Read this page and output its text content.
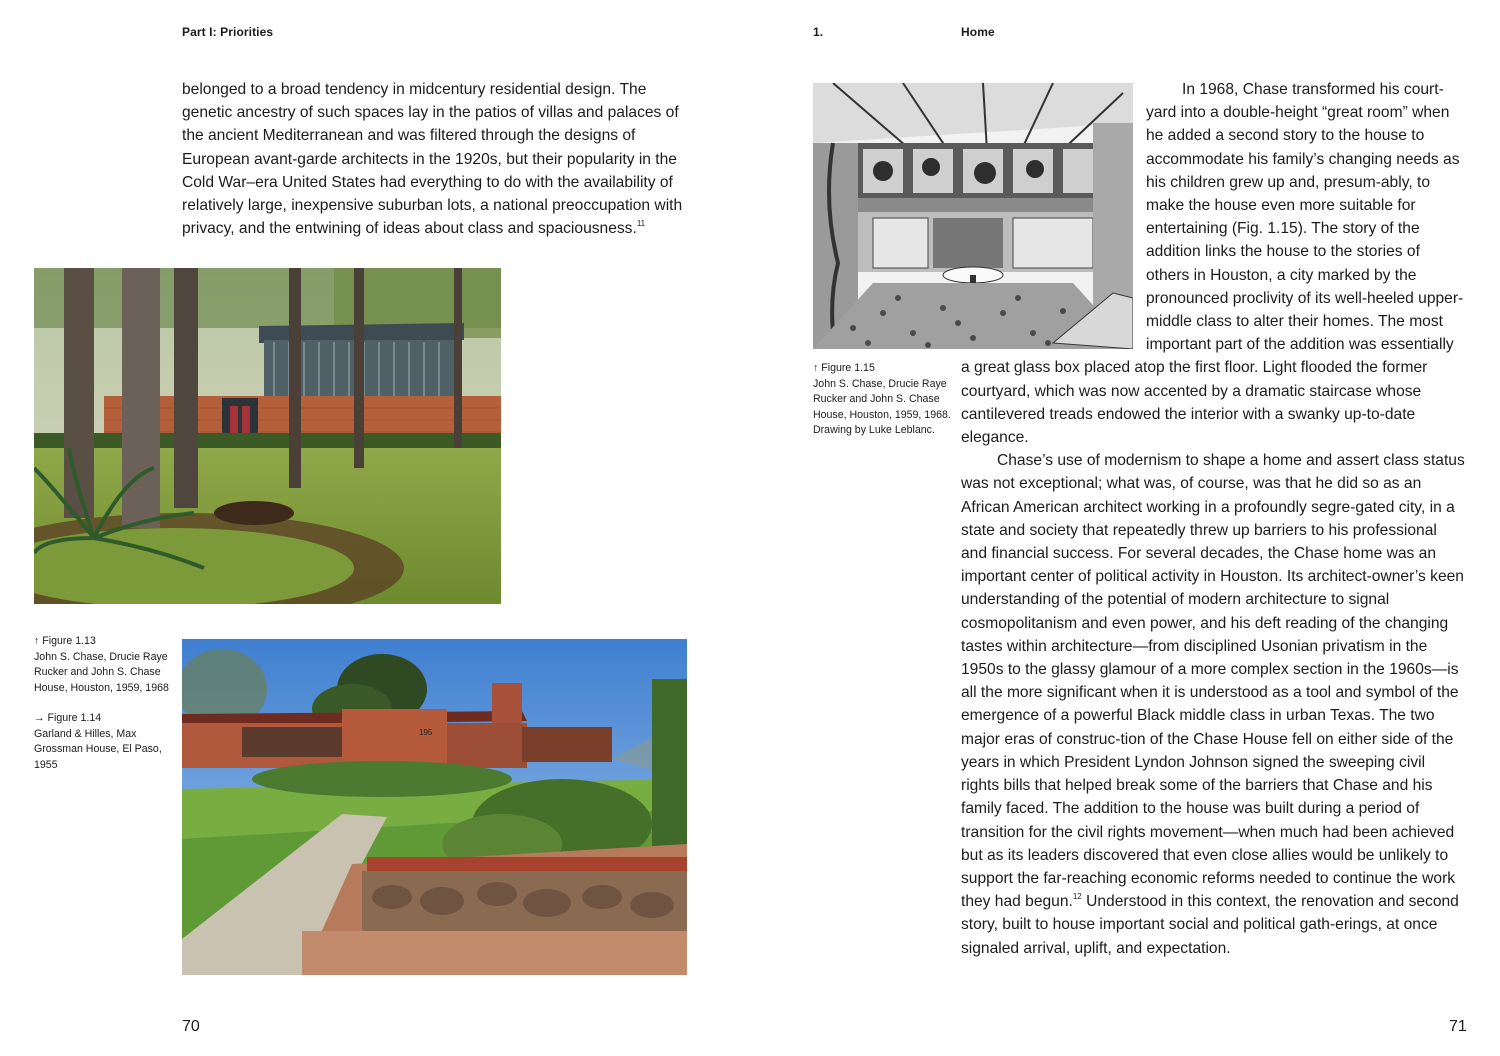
Part I: Priorities

belonged to a broad tendency in midcentury residential design. The genetic ancestry of such spaces lay in the patios of villas and palaces of the ancient Mediterranean and was filtered through the designs of European avant-garde architects in the 1920s, but their popularity in the Cold War–era United States had everything to do with the availability of relatively large, inexpensive suburban lots, a national preoccupation with privacy, and the entwining of ideas about class and spaciousness.$^{11}$

↑ Figure 1.13

John S. Chase, Drucie Raye Rucker and John S. Chase House, Houston, 1959, 1968

→ Figure 1.14

Garland & Hilles, Max Grossman House, El Paso, 1955

195
70
1.	Home

↑ Figure 1.15

John S. Chase, Drucie Raye Rucker and John S. Chase House, Houston, 1959, 1968. Drawing by Luke Leblanc.

In 1968, Chase transformed his court-yard into a double-height “great room” when he added a second story to the house to accommodate his family’s changing needs as his children grew up and, presum-ably, to make the house even more suitable for entertaining (Fig. 1.15). The story of the addition links the house to the stories of others in Houston, a city marked by the pronounced proclivity of its well-heeled upper-middle class to alter their homes. The most important part of the addition was essentially a great glass box placed atop the first floor. Light flooded the former courtyard, which was now accented by a dramatic staircase whose cantilevered treads endowed the interior with a swanky up-to-date elegance.

Chase’s use of modernism to shape a home and assert class status was not exceptional; what was, of course, was that he did so as an African American architect working in a profoundly segre-gated city, in a state and society that repeatedly threw up barriers to his professional and financial success. For several decades, the Chase home was an important center of political activity in Houston. Its architect-owner’s keen understanding of the potential of modern architecture to signal cosmopolitanism and even power, and his deft reading of the changing tastes within architecture—from disciplined Usonian privatism in the 1950s to the glassy glamour of a more complex section in the 1960s—is all the more significant when it is understood as a tool and symbol of the emergence of a powerful Black middle class in urban Texas. The two major eras of construc-tion of the Chase House fell on either side of the years in which President Lyndon Johnson signed the sweeping civil rights bills that helped break some of the barriers that Chase and his family faced. The addition to the house was built during a period of transition for the civil rights movement—when much had been achieved but as its leaders discovered that even close allies would be unlikely to support the far-reaching economic reforms needed to continue the work they had begun.$^{12}$ Understood in this context, the renovation and second story, built to house important social and political gath-erings, at once signaled arrival, uplift, and expectation.

71
